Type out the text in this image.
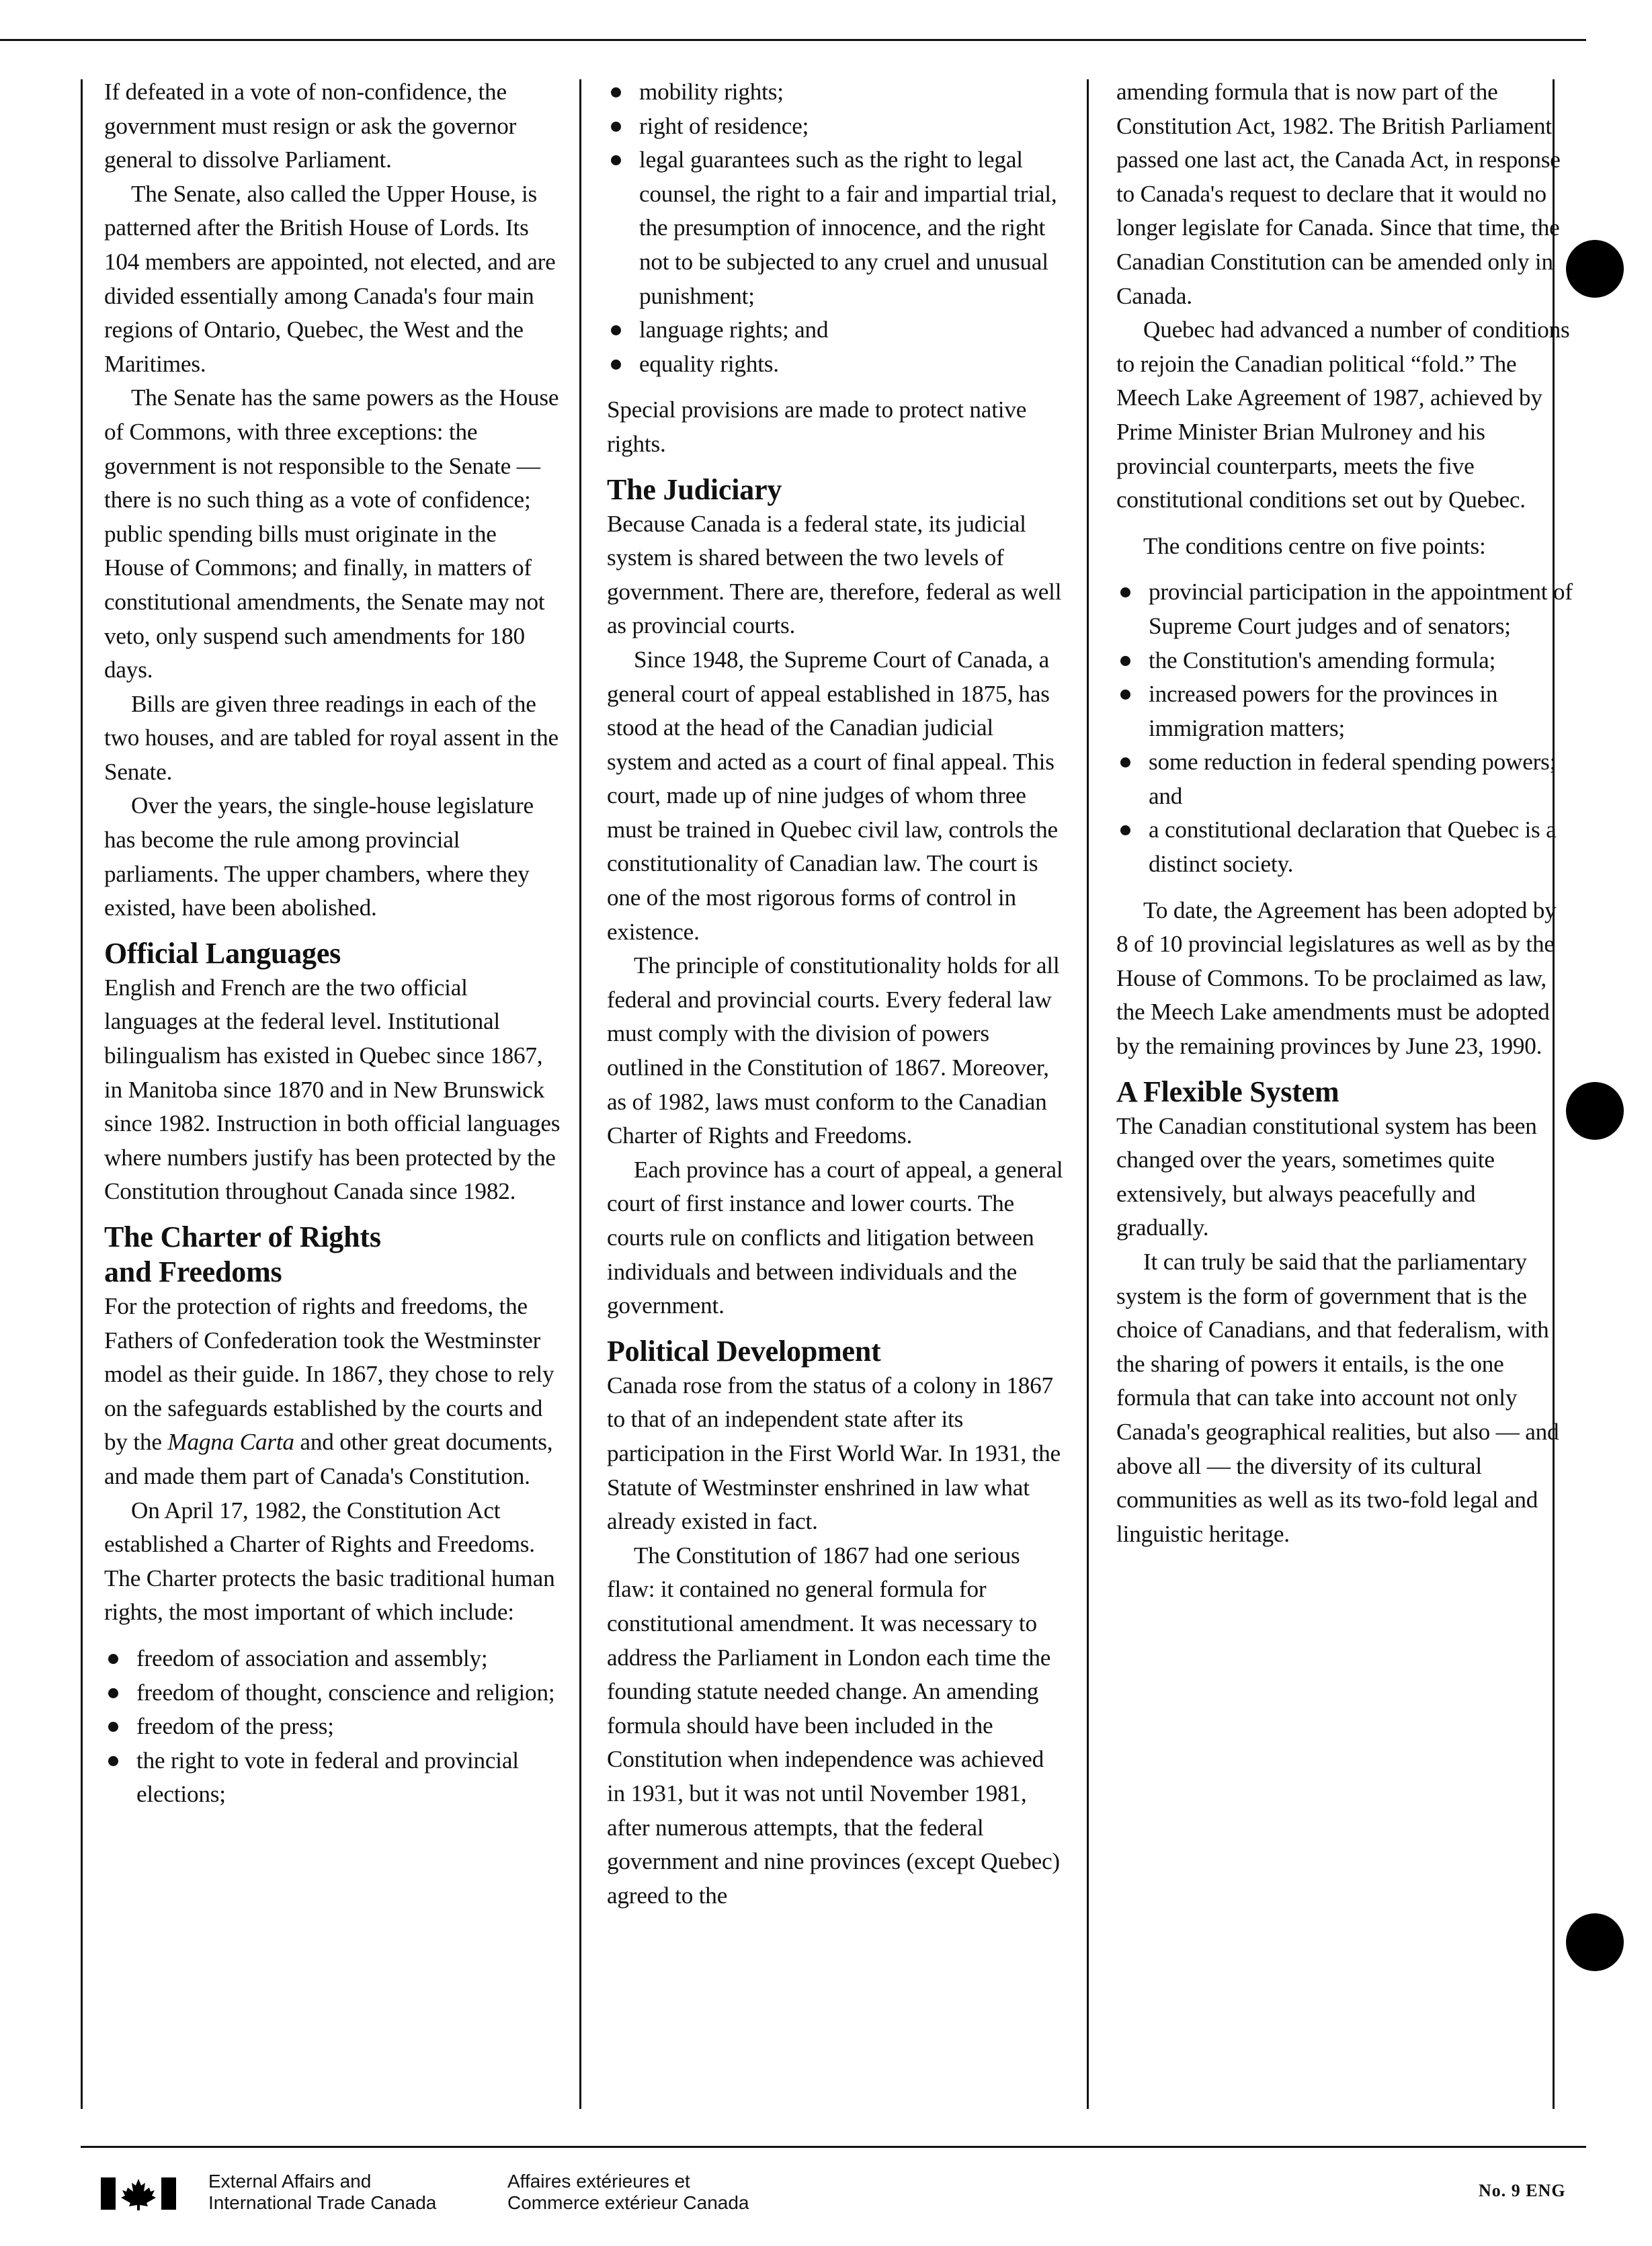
If defeated in a vote of non-confidence, the government must resign or ask the governor general to dissolve Parliament.

The Senate, also called the Upper House, is patterned after the British House of Lords. Its 104 members are appointed, not elected, and are divided essentially among Canada's four main regions of Ontario, Quebec, the West and the Maritimes.

The Senate has the same powers as the House of Commons, with three exceptions: the government is not responsible to the Senate — there is no such thing as a vote of confidence; public spending bills must originate in the House of Commons; and finally, in matters of constitutional amendments, the Senate may not veto, only suspend such amendments for 180 days.

Bills are given three readings in each of the two houses, and are tabled for royal assent in the Senate.

Over the years, the single-house legislature has become the rule among provincial parliaments. The upper chambers, where they existed, have been abolished.

Official Languages

English and French are the two official languages at the federal level. Institutional bilingualism has existed in Quebec since 1867, in Manitoba since 1870 and in New Brunswick since 1982. Instruction in both official languages where numbers justify has been protected by the Constitution throughout Canada since 1982.

The Charter of Rights
and Freedoms

For the protection of rights and freedoms, the Fathers of Confederation took the Westminster model as their guide. In 1867, they chose to rely on the safeguards established by the courts and by the Magna Carta and other great documents, and made them part of Canada's Constitution.

On April 17, 1982, the Constitution Act established a Charter of Rights and Freedoms. The Charter protects the basic traditional human rights, the most important of which include:

freedom of association and assembly;
freedom of thought, conscience and religion;
freedom of the press;
the right to vote in federal and provincial elections;
mobility rights;
right of residence;
legal guarantees such as the right to legal counsel, the right to a fair and impartial trial, the presumption of innocence, and the right not to be subjected to any cruel and unusual punishment;
language rights; and
equality rights.

Special provisions are made to protect native rights.

The Judiciary

Because Canada is a federal state, its judicial system is shared between the two levels of government. There are, therefore, federal as well as provincial courts.

Since 1948, the Supreme Court of Canada, a general court of appeal established in 1875, has stood at the head of the Canadian judicial system and acted as a court of final appeal. This court, made up of nine judges of whom three must be trained in Quebec civil law, controls the constitutionality of Canadian law. The court is one of the most rigorous forms of control in existence.

The principle of constitutionality holds for all federal and provincial courts. Every federal law must comply with the division of powers outlined in the Constitution of 1867. Moreover, as of 1982, laws must conform to the Canadian Charter of Rights and Freedoms.

Each province has a court of appeal, a general court of first instance and lower courts. The courts rule on conflicts and litigation between individuals and between individuals and the government.

Political Development

Canada rose from the status of a colony in 1867 to that of an independent state after its participation in the First World War. In 1931, the Statute of Westminster enshrined in law what already existed in fact.

The Constitution of 1867 had one serious flaw: it contained no general formula for constitutional amendment. It was necessary to address the Parliament in London each time the founding statute needed change. An amending formula should have been included in the Constitution when independence was achieved in 1931, but it was not until November 1981, after numerous attempts, that the federal government and nine provinces (except Quebec) agreed to the

amending formula that is now part of the Constitution Act, 1982. The British Parliament passed one last act, the Canada Act, in response to Canada's request to declare that it would no longer legislate for Canada. Since that time, the Canadian Constitution can be amended only in Canada.

Quebec had advanced a number of conditions to rejoin the Canadian political “fold.” The Meech Lake Agreement of 1987, achieved by Prime Minister Brian Mulroney and his provincial counterparts, meets the five constitutional conditions set out by Quebec.

The conditions centre on five points:

provincial participation in the appointment of Supreme Court judges and of senators;
the Constitution's amending formula;
increased powers for the provinces in immigration matters;
some reduction in federal spending powers; and
a constitutional declaration that Quebec is a distinct society.

To date, the Agreement has been adopted by 8 of 10 provincial legislatures as well as by the House of Commons. To be proclaimed as law, the Meech Lake amendments must be adopted by the remaining provinces by June 23, 1990.

A Flexible System

The Canadian constitutional system has been changed over the years, sometimes quite extensively, but always peacefully and gradually.

It can truly be said that the parliamentary system is the form of government that is the choice of Canadians, and that federalism, with the sharing of powers it entails, is the one formula that can take into account not only Canada's geographical realities, but also — and above all — the diversity of its cultural communities as well as its two-fold legal and linguistic heritage.

External Affairs and
International Trade Canada
Affaires extérieures et
Commerce extérieur Canada
No. 9 ENG
